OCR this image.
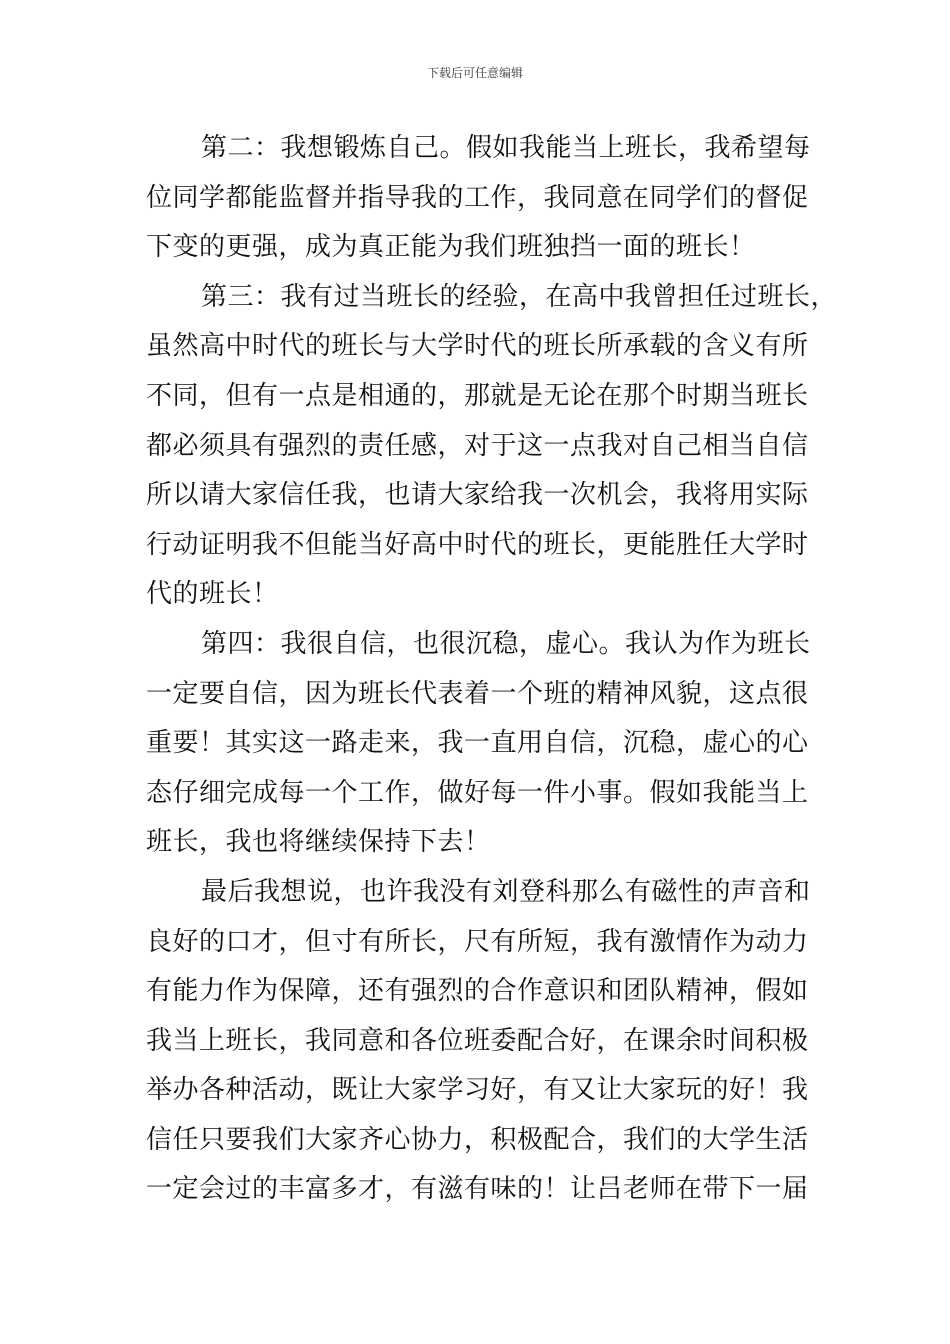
下载后可任意编辑
第二：我想锻炼自己。假如我能当上班长，我希望每
位同学都能监督并指导我的工作，我同意在同学们的督促
下变的更强，成为真正能为我们班独挡一面的班长！
第三：我有过当班长的经验，在高中我曾担任过班长，
虽然高中时代的班长与大学时代的班长所承载的含义有所
不同，但有一点是相通的，那就是无论在那个时期当班长
都必须具有强烈的责任感，对于这一点我对自己相当自信
所以请大家信任我，也请大家给我一次机会，我将用实际
行动证明我不但能当好高中时代的班长，更能胜任大学时
代的班长！
第四：我很自信，也很沉稳，虚心。我认为作为班长
一定要自信，因为班长代表着一个班的精神风貌，这点很
重要！其实这一路走来，我一直用自信，沉稳，虚心的心
态仔细完成每一个工作，做好每一件小事。假如我能当上
班长，我也将继续保持下去！
最后我想说，也许我没有刘登科那么有磁性的声音和
良好的口才，但寸有所长，尺有所短，我有激情作为动力
有能力作为保障，还有强烈的合作意识和团队精神，假如
我当上班长，我同意和各位班委配合好，在课余时间积极
举办各种活动，既让大家学习好，有又让大家玩的好！我
信任只要我们大家齐心协力，积极配合，我们的大学生活
一定会过的丰富多才，有滋有味的！让吕老师在带下一届
